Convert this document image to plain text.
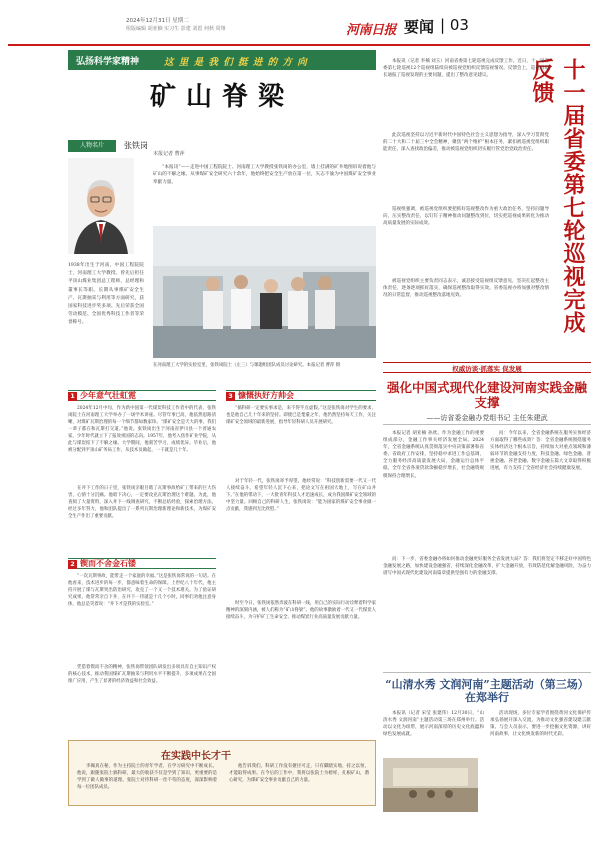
2024年12月31日 星期二
组版编辑 胡亚楠 实习生 彭建 刘恩 何秋 周翔	河南日报 要闻 | 03
弘扬科学家精神	这 里 是 我 们 挺 进 的 方 向
矿山脊梁
人物名片	张铁岗
1938年出生于河南，中国工程院院士，河南理工大学教授。曾先后担任平顶山煤业集团总工程师、总经理和董事长等职。长期从事煤矿安全生产、瓦斯抽采与利用等方面研究，获国家科技进步奖多项。先后荣获全国劳动模范、全国优秀科技工作者等荣誉称号。
本报记者 曹萍
“本报讯”——走进中国工程院院士、河南理工大学教授张铁岗的办公室，墙上挂满的矿井地图诉说着他与矿山的不解之缘。从事煤矿安全研究六十余年，他始终把安全生产放在第一位，矢志不渝为中国煤矿安全事业奉献力量。
在河南理工大学的实验室里，张铁岗院士（左三）与课题组团队成员讨论研究。本报记者 曹萍 摄
1 少年意气壮虹霓
2024年12月中旬，作为新中国第一代煤炭科技工作者中的代表，张铁岗院士在河南理工大学举办了一场学术讲座。尽管年事已高，他依然思路清晰，对煤矿瓦斯治理的每一个细节都如数家珍。“煤矿安全是天大的事，我们一辈子都在和瓦斯打交道。”他说。张铁岗出生于河南省伊川县一个普通农家，少年时代就立下了报效祖国的志向。1957年，他考入焦作矿业学院，从此与煤炭结下了不解之缘。大学期间，他刻苦学习，成绩优异。毕业后，他被分配到平顶山矿务局工作，从技术员做起，一干就是几十年。
在井下工作的日子里，张铁岗亲眼目睹了瓦斯事故给矿工带来的巨大伤害，心情十分沉痛。他暗下决心，一定要攻克瓦斯治理这个难题。为此，他查阅了大量资料，深入井下一线调查研究，不断总结经验，探索治理方法。经过多年努力，他和团队提出了一系列瓦斯治理新理论和新技术，为煤矿安全生产作出了重要贡献。
2 锲而不舍金石镂
“一次瓦斯事故，能带走一个家庭的幸福。”这是张铁岗常说的一句话。在他看来，技术进步的每一步，都意味着生命的保障。上世纪八十年代，他主持开展了煤与瓦斯突出防治研究，攻克了一个又一个技术难关。为了验证研究成果，他常常亲自下井，在井下一待就是十几个小时。同事们劝他注意身体，他总是笑着说：“井下才是我的实验室。”
凭借着锲而不舍的精神，张铁岗带领团队研发出多项具有自主知识产权的核心技术，推动我国煤矿瓦斯抽采与利用水平不断提升，多项成果在全国推广应用，产生了显著的经济效益和社会效益。
3 慷慨执好方帅会
“搞科研一定要实事求是，来不得半点虚假。”这是张铁岗对学生的要求，也是他自己几十年来的坚持。即使已是耄耋之年，他仍然坚持每天工作，关注煤矿安全领域的最新进展，指导年轻科研人员开展研究。
对于年轻一代，张铁岗寄予厚望。他经常说：“科技创新需要一代又一代人接续奋斗。希望年轻人沉下心来，把论文写在祖国大地上，写在矿山井下。”在他的带动下，一大批青年科技人才迅速成长，成为我国煤矿安全领域的中坚力量。回顾自己的科研人生，张铁岗说：“能为国家的煤矿安全事业做一点贡献，我感到无比欣慰。”
时至今日，张铁岗依然奔波在科研一线，用自己的实际行动诠释着科学家精神的深刻内涵，被人们称为“矿山脊梁”。他的故事激励着一代又一代煤炭人接续奋斗，为守护矿工生命安全、推动煤炭行业高质量发展贡献力量。
在实践中长才干
李佩真在秘，作为主持院士的青年学者，在学习研究中不断成长。他说，跟随张院士搞科研，最大的收获不仅是学到了知识，更重要的是学到了做人做事的道理。张院士对待科研一丝不苟的态度，深深影响着每一位团队成员。
他告诉我们，科研工作没有捷径可走，只有脚踏实地、持之以恒，才能取得成果。在今后的工作中，我将以张院士为榜样，扎根矿山，潜心研究，为煤矿安全事业贡献自己的力量。
十一届省委第七轮巡视完成反馈
本报讯（记者 李楠 刘玉）河南省委第七轮巡视完成反馈工作。近日，十一届省委第七轮巡视12个巡视组陆续向被巡视党组织反馈巡视情况。反馈会上，巡视组组长通报了巡视发现的主要问题，提出了整改意见建议。
此次巡视坚持以习近平新时代中国特色社会主义思想为指导，深入学习贯彻党的二十大和二十届三中全会精神，聚焦“两个维护”根本任务，紧扣被巡视党组织职能责任，深入查找政治偏差，推动被巡视党组织切实履行管党治党政治责任。
巡视组强调，被巡视党组织要把抓好巡视整改作为重大政治任务，坚持问题导向，压实整改责任，以钉钉子精神推动问题整改到位，切实把巡视成果转化为推动高质量发展的实际成效。
被巡视党组织主要负责同志表示，诚恳接受巡视组反馈意见，坚决扛起整改主体责任，逐条逐项抓好落实，确保巡视整改取得实效。省委巡视办将加强对整改情况的日常监督，推动巡视整改落地见效。
权威访谈·抓落实 促发展
强化中国式现代化建设河南实践金融支撑
——访省委金融办党组书记 主任朱建武
本报记者 胡亚楠 孙欣。作为金融工作的重要组成部分，金融工作事关经济发展全局。2024年，全省金融系统认真贯彻落实中央决策部署和省委、省政府工作安排，坚持稳中求进工作总基调，全力服务经济高质量发展大局，金融运行总体平稳。全年全省各项贷款余额稳步增长，社会融资规模保持合理增长。
问：今年以来，全省金融系统在服务实体经济方面取得了哪些成效？答：全省金融系统围绕服务实体经济这个根本宗旨，持续加大对重点领域和薄弱环节的金融支持力度，科技金融、绿色金融、普惠金融、养老金融、数字金融五篇大文章取得积极进展，有力支持了全省经济社会持续健康发展。
问：下一步，省委金融办将如何推动金融更好服务全省发展大局？答：我们将坚定不移走好中国特色金融发展之路，加快建设金融强省，持续深化金融改革，扩大金融开放，有效防范化解金融风险，为奋力谱写中国式现代化建设河南篇章提供坚强有力的金融支撑。
“山清水秀 文润河南”主题活动（第三场）在郑举行
本报讯（记者 宋莹 张建伟）12月30日，“山清水秀 文润河南”主题活动第三场在郑州举行。活动以文化为纽带，展示河南深厚的历史文化底蕴和绿色发展成就。
活动现场，多位专家学者围绕黄河文化保护传承弘扬展开深入交流，为推动文化强省建设建言献策。与会人员表示，要进一步挖掘文化资源，讲好河南故事，让文化焕发新的时代光彩。
